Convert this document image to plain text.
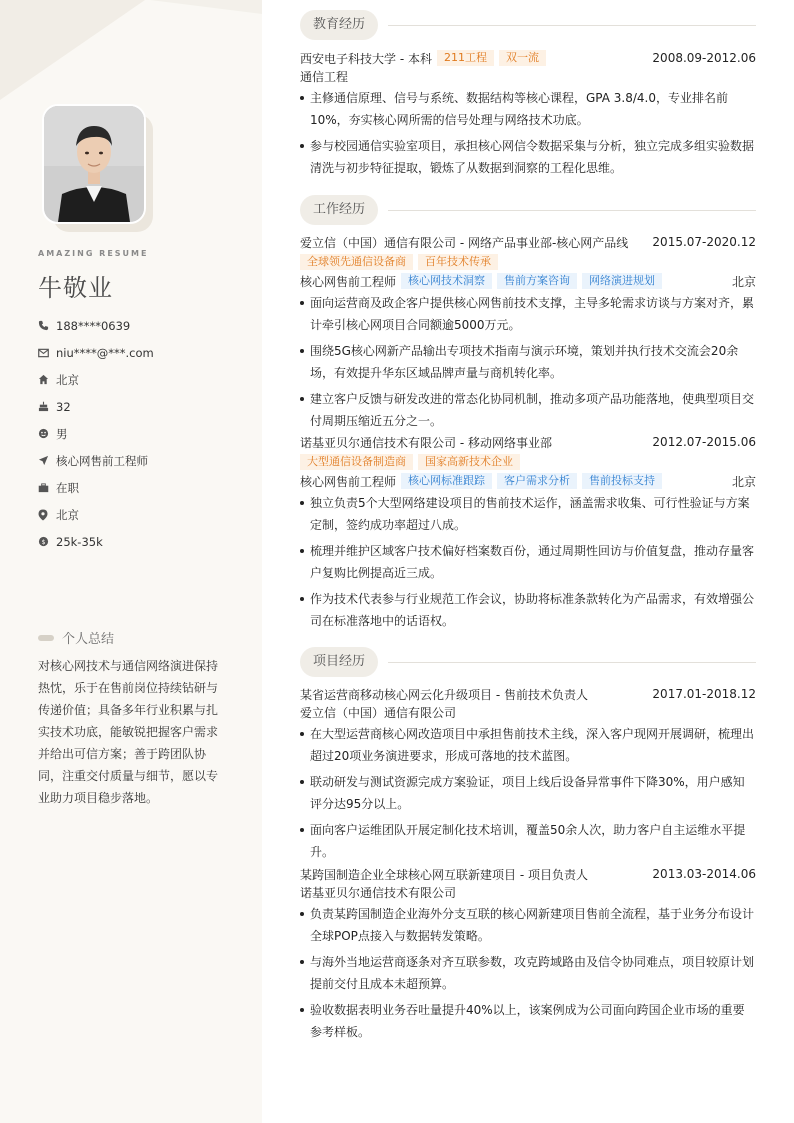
AMAZING RESUME
牛敬业
188****0639
niu****@***.com
北京
32
男
核心网售前工程师
在职
北京
$ 25k-35k
个人总结
对核心网技术与通信网络演进保持热忱，乐于在售前岗位持续钻研与传递价值；具备多年行业积累与扎实技术功底，能敏锐把握客户需求并给出可信方案；善于跨团队协同，注重交付质量与细节，愿以专业助力项目稳步落地。
教育经历
西安电子科技大学 - 本科	211工程	双一流	2008.09-2012.06
通信工程
主修通信原理、信号与系统、数据结构等核心课程，GPA 3.8/4.0，专业排名前10%，夯实核心网所需的信号处理与网络技术功底。
参与校园通信实验室项目，承担核心网信令数据采集与分析，独立完成多组实验数据清洗与初步特征提取，锻炼了从数据到洞察的工程化思维。
工作经历
爱立信（中国）通信有限公司 - 网络产品事业部-核心网产品线 2015.07-2020.12
全球领先通信设备商	百年技术传承
核心网售前工程师	核心网技术洞察	售前方案咨询	网络演进规划	北京
面向运营商及政企客户提供核心网售前技术支撑，主导多轮需求访谈与方案对齐，累计牵引核心网项目合同额逾5000万元。
围绕5G核心网新产品输出专项技术指南与演示环境，策划并执行技术交流会20余场，有效提升华东区域品牌声量与商机转化率。
建立客户反馈与研发改进的常态化协同机制，推动多项产品功能落地，使典型项目交付周期压缩近五分之一。
诺基亚贝尔通信技术有限公司 - 移动网络事业部	2012.07-2015.06
大型通信设备制造商	国家高新技术企业
核心网售前工程师	核心网标准跟踪	客户需求分析	售前投标支持	北京
独立负责5个大型网络建设项目的售前技术运作，涵盖需求收集、可行性验证与方案定制，签约成功率超过八成。
梳理并维护区域客户技术偏好档案数百份，通过周期性回访与价值复盘，推动存量客户复购比例提高近三成。
作为技术代表参与行业规范工作会议，协助将标准条款转化为产品需求，有效增强公司在标准落地中的话语权。
项目经历
某省运营商移动核心网云化升级项目 - 售前技术负责人	2017.01-2018.12
爱立信（中国）通信有限公司
在大型运营商核心网改造项目中承担售前技术主线，深入客户现网开展调研，梳理出超过20项业务演进要求，形成可落地的技术蓝图。
联动研发与测试资源完成方案验证，项目上线后设备异常事件下降30%，用户感知评分达95分以上。
面向客户运维团队开展定制化技术培训，覆盖50余人次，助力客户自主运维水平提升。
某跨国制造企业全球核心网互联新建项目 - 项目负责人	2013.03-2014.06
诺基亚贝尔通信技术有限公司
负责某跨国制造企业海外分支互联的核心网新建项目售前全流程，基于业务分布设计全球POP点接入与数据转发策略。
与海外当地运营商逐条对齐互联参数，攻克跨域路由及信令协同难点，项目较原计划提前交付且成本未超预算。
验收数据表明业务吞吐量提升40%以上，该案例成为公司面向跨国企业市场的重要参考样板。
